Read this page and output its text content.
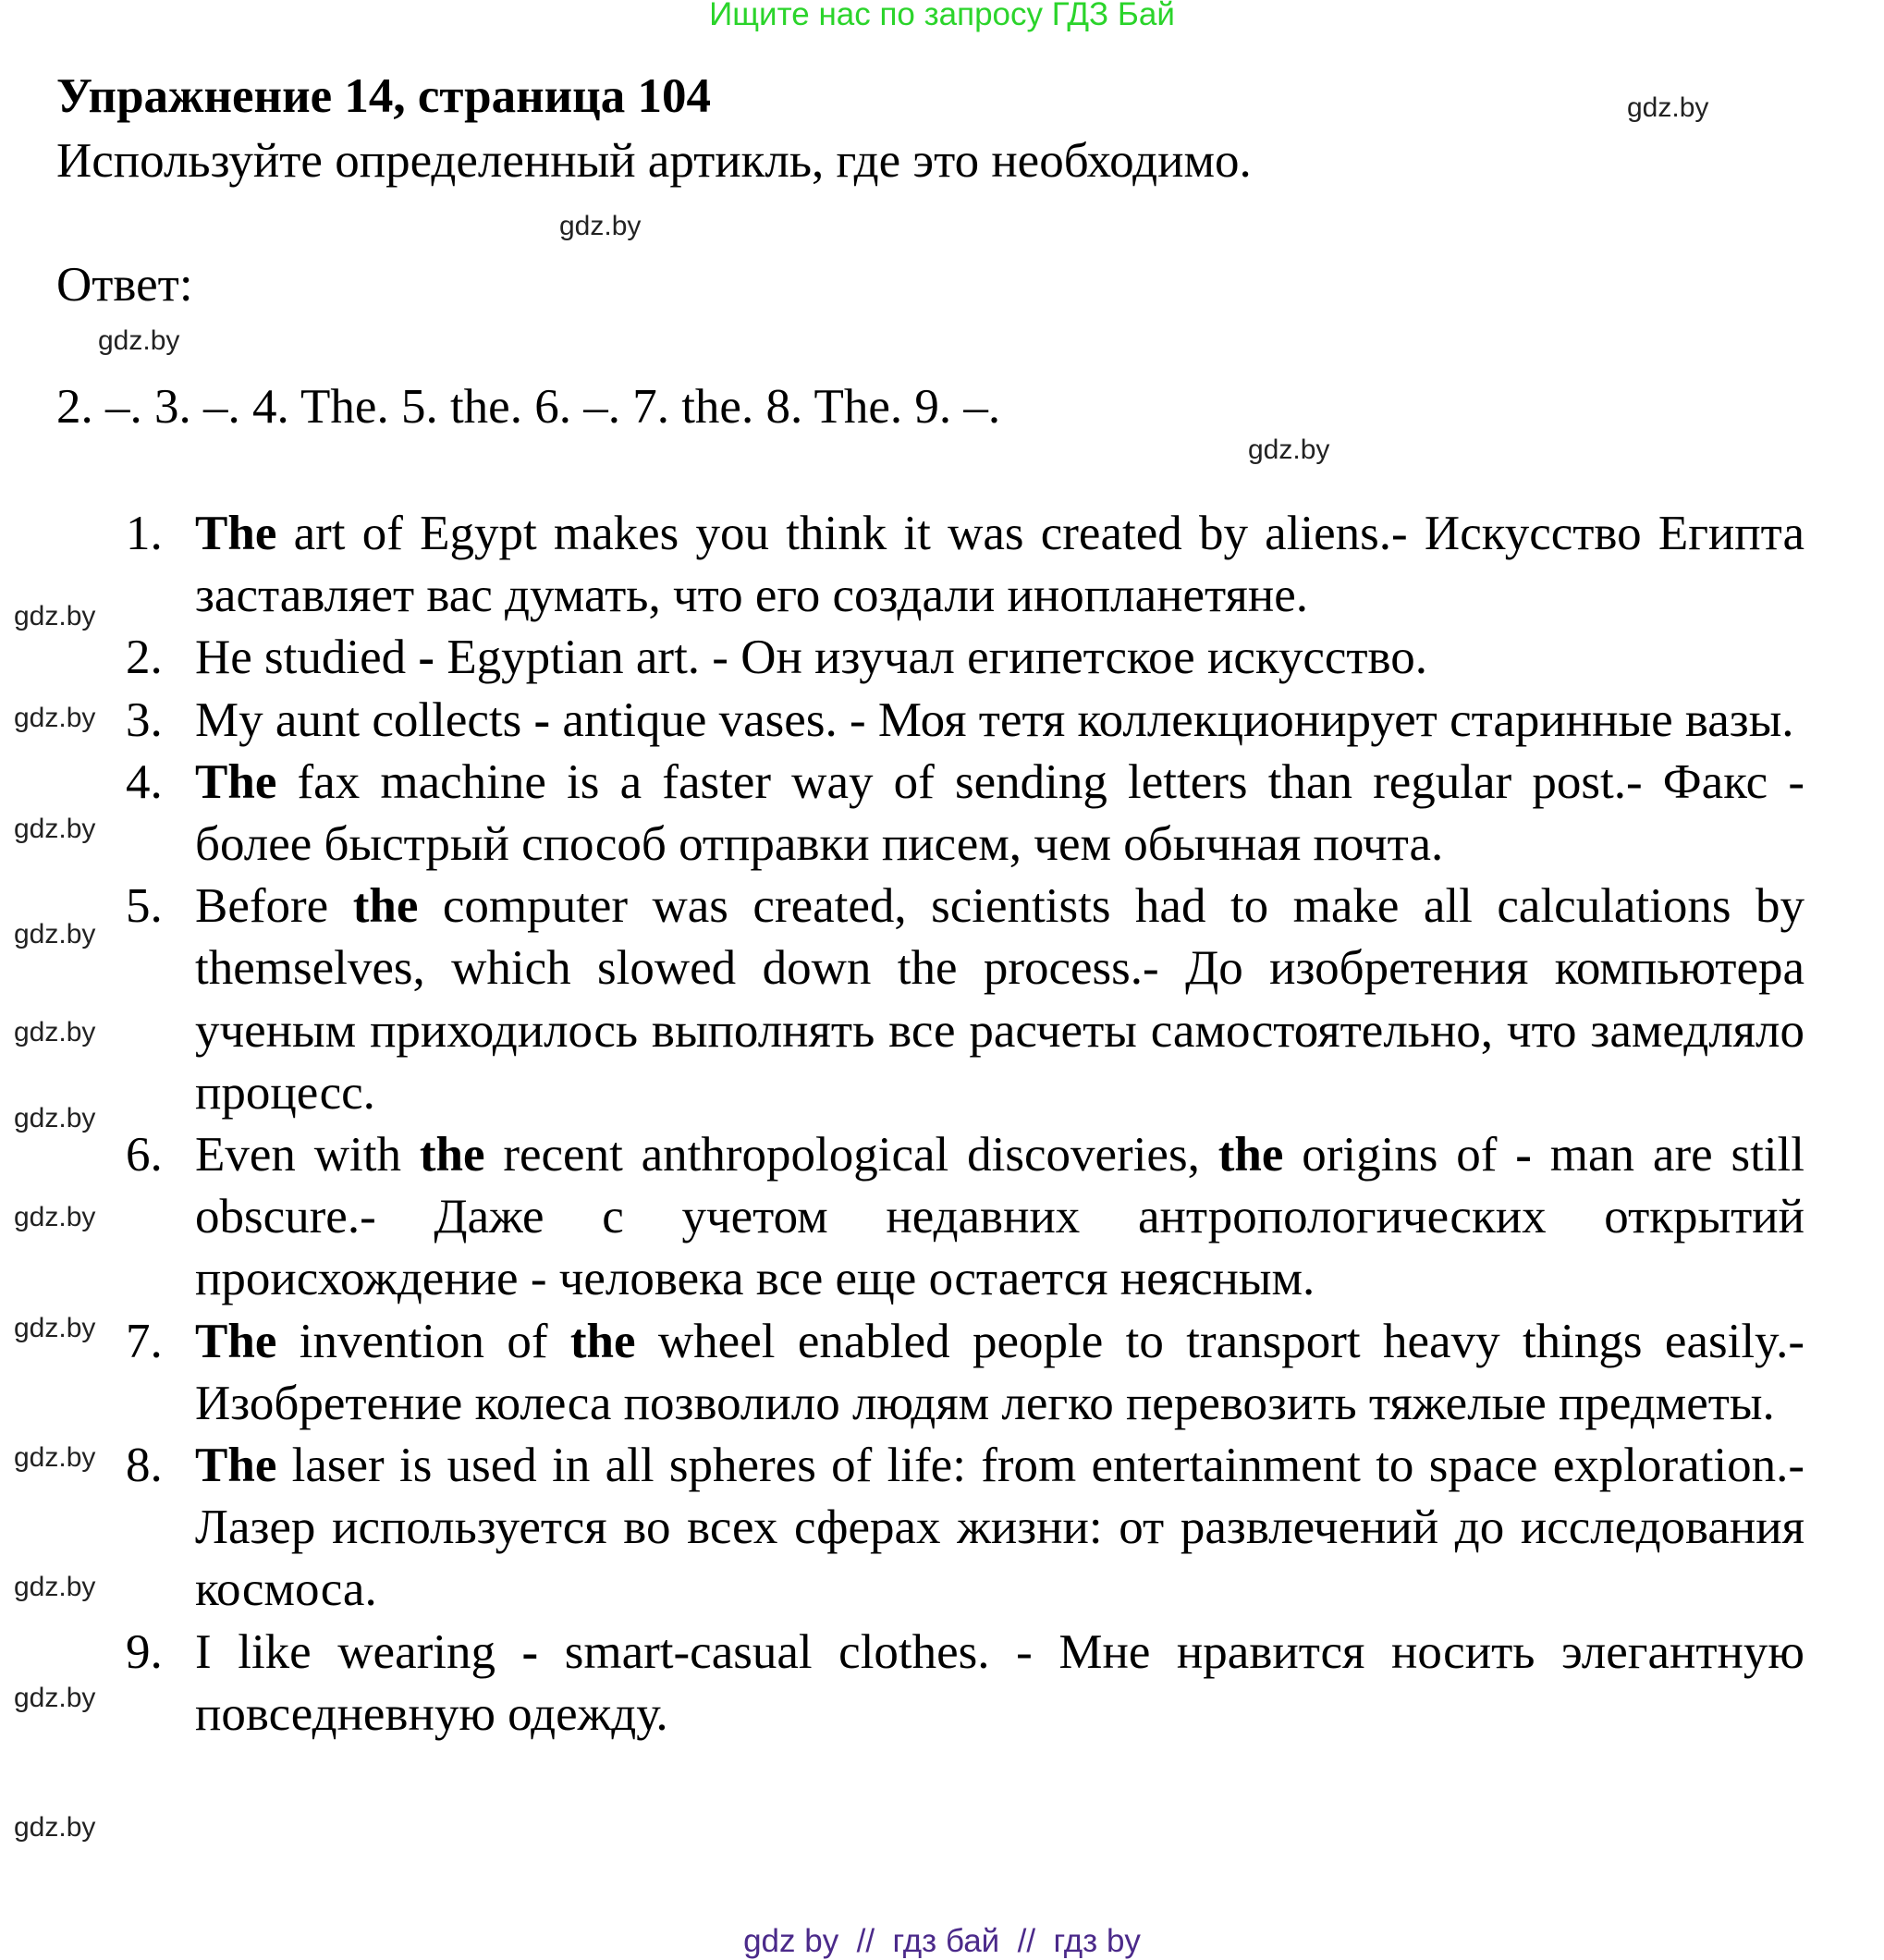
Ищите нас по запросу ГДЗ Бай
Упражнение 14, страница 104
Используйте определенный артикль, где это необходимо.
Ответ:
2. –. 3. –. 4. The. 5. the. 6. –. 7. the. 8. The. 9. –.
1. The art of Egypt makes you think it was created by aliens.- Искусство Египта заставляет вас думать, что его создали инопланетяне.
2. He studied - Egyptian art. - Он изучал египетское искусство.
3. My aunt collects - antique vases. - Моя тетя коллекционирует старинные вазы.
4. The fax machine is a faster way of sending letters than regular post.- Факс - более быстрый способ отправки писем, чем обычная почта.
5. Before the computer was created, scientists had to make all calculations by themselves, which slowed down the process.- До изобретения компьютера ученым приходилось выполнять все расчеты самостоятельно, что замедляло процесс.
6. Even with the recent anthropological discoveries, the origins of - man are still obscure.- Даже с учетом недавних антропологических открытий происхождение - человека все еще остается неясным.
7. The invention of the wheel enabled people to transport heavy things easily.- Изобретение колеса позволило людям легко перевозить тяжелые предметы.
8. The laser is used in all spheres of life: from entertainment to space exploration.- Лазер используется во всех сферах жизни: от развлечений до исследования космоса.
9. I like wearing - smart-casual clothes. - Мне нравится носить элегантную повседневную одежду.
gdz.by
gdz.by
gdz.by
gdz.by
gdz.by
gdz.by
gdz.by
gdz.by
gdz.by
gdz.by
gdz.by
gdz.by
gdz.by
gdz.by
gdz.by
gdz.by
gdz by  //  гдз бай  //  гдз by
